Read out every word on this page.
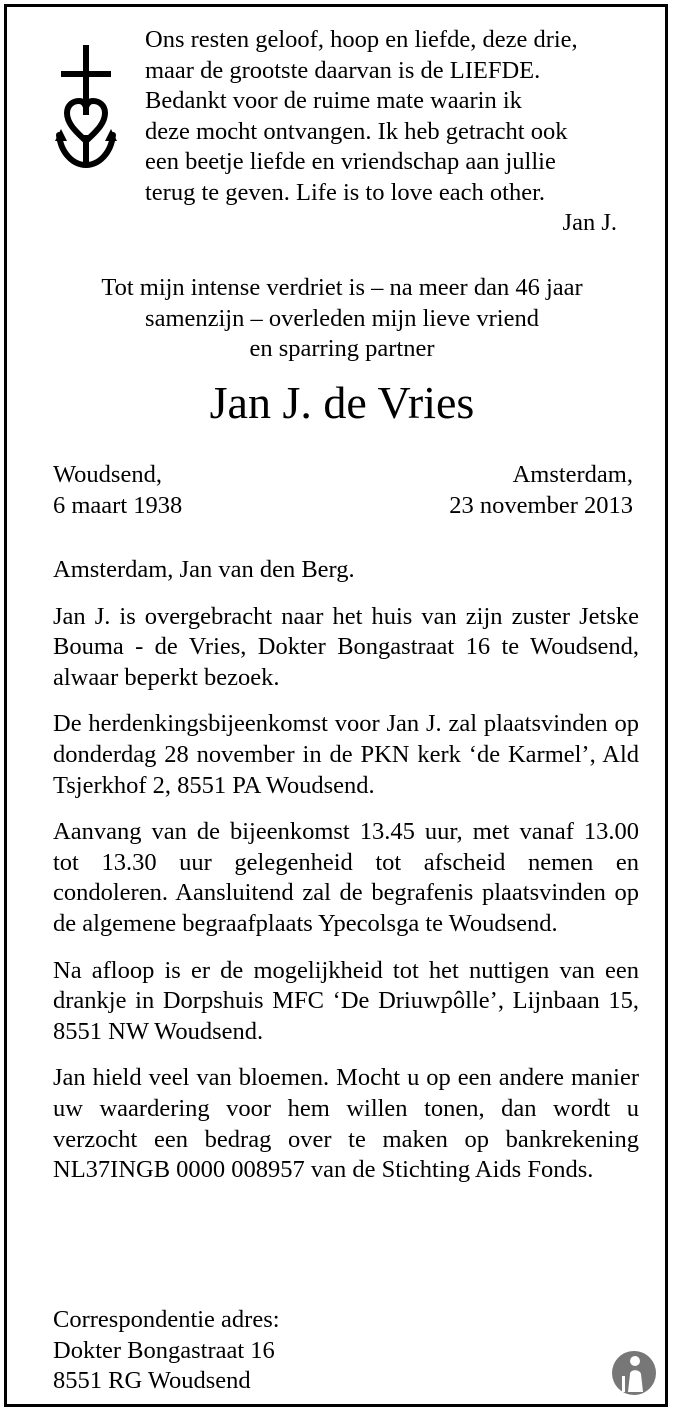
Ons resten geloof, hoop en liefde, deze drie,
maar de grootste daarvan is de LIEFDE.
Bedankt voor de ruime mate waarin ik
deze mocht ontvangen. Ik heb getracht ook
een beetje liefde en vriendschap aan jullie
terug te geven. Life is to love each other.
Jan J.
Tot mijn intense verdriet is – na meer dan 46 jaar
samenzijn – overleden mijn lieve vriend
en sparring partner
Jan J. de Vries
Woudsend,
6 maart 1938
Amsterdam,
23 november 2013

Amsterdam, Jan van den Berg.

Jan J. is overgebracht naar het huis van zijn zuster Jetske Bouma - de Vries, Dokter Bongastraat 16 te Woudsend, alwaar beperkt bezoek.

De herdenkingsbijeenkomst voor Jan J. zal plaatsvinden op donderdag 28 november in de PKN kerk ‘de Karmel’, Ald Tsjerkhof 2, 8551 PA Woudsend.

Aanvang van de bijeenkomst 13.45 uur, met vanaf 13.00 tot 13.30 uur gelegenheid tot afscheid nemen en condoleren. Aansluitend zal de begrafenis plaatsvinden op de algemene begraafplaats Ypecolsga te Woudsend.

Na afloop is er de mogelijkheid tot het nuttigen van een drankje in Dorpshuis MFC ‘De Driuwpôlle’, Lijnbaan 15, 8551 NW Woudsend.

Jan hield veel van bloemen. Mocht u op een andere manier uw waardering voor hem willen tonen, dan wordt u verzocht een bedrag over te maken op bankrekening NL37INGB 0000 008957 van de Stichting Aids Fonds.

Correspondentie adres:
Dokter Bongastraat 16
8551 RG Woudsend
